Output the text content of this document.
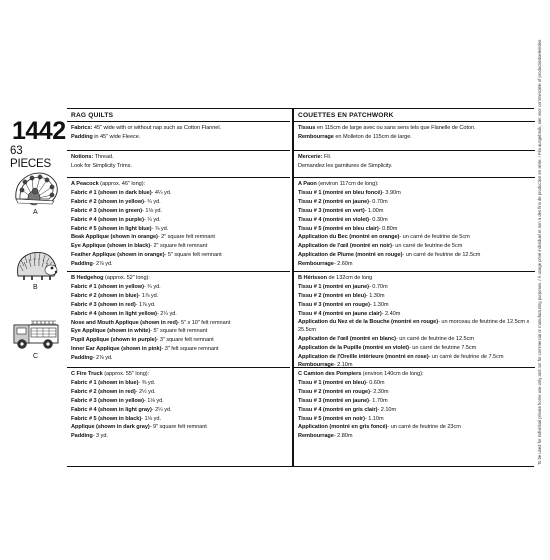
1442
63 PIECES
A
B
C
RAG QUILTS
Fabrics: 45" wide with or without nap such as Cotton Flannel.
Padding in 45" wide Fleece.
Notions: Thread.
Look for Simplicity Trims.
A Peacock (approx. 46" long):
Fabric # 1 (shown in dark blue)- 4¼ yd.
Fabric # 2 (shown in yellow)- ¾ yd.
Fabric # 3 (shown in green)- 1⅛ yd.
Fabric # 4 (shown in purple)- ¼ yd.
Fabric # 5 (shown in light blue)- ⅞ yd.
Beak Applique (shown in orange)- 2" square felt remnant
Eye Applique (shown in black)- 2" square felt remnant
Feather Applique (shown in orange)- 5" square felt remnant
Padding- 2⅞ yd.
B Hedgehog (approx. 52" long):
Fabric # 1 (shown in yellow)- ¾ yd.
Fabric # 2 (shown in blue)- 1⅞ yd.
Fabric # 3 (shown in red)- 1⅞ yd.
Fabric # 4 (shown in light yellow)- 2¼ yd.
Nose and Mouth Applique (shown in red)- 5" x 10" felt remnant
Eye Applique (shown in white)- 5" square felt remnant
Pupil Applique (shown in purple)- 3" square felt remnant
Inner Ear Applique (shown in pink)- 3" felt square remnant
Padding- 2⅞ yd.
C Fire Truck (approx. 55" long):
Fabric # 1 (shown in blue)- ⅜ yd.
Fabric # 2 (shown in red)- 2½ yd.
Fabric # 3 (shown in yellow)- 1⅛ yd.
Fabric # 4 (shown in light gray)- 2¼ yd.
Fabric # 5 (shown in black)- 1⅛ yd.
Applique (shown in dark gray)- 9" square felt remnant
Padding- 3 yd.
COUETTES EN PATCHWORK
Tissus en 115cm de large avec ou sans sens tels que Flanelle de Coton.
Rembourrage en Molleton de 115cm de large.
Mercerie: Fil.
Demandez les garnitures de Simplicity.
A Paon (environ 117cm de long):
Tissu # 1 (montré en bleu foncé)- 3.90m
Tissu # 2 (montré en jaune)- 0.70m
Tissu # 3 (montré en vert)- 1.00m
Tissu # 4 (montré en violet)- 0.30m
Tissu # 5 (montré en bleu clair)- 0.80m
Application du Bec (montré en orange)- un carré de feutrine de 5cm
Application de l'œil (montré en noir)- un carré de feutrine de 5cm
Application de Plume (montré en rouge)- un carré de feutrine de 12.5cm
Rembourrage- 2.60m
B Hérisson de 132cm de long
Tissu # 1 (montré en jaune)- 0.70m
Tissu # 2 (montré en bleu)- 1.30m
Tissu # 3 (montré en rouge)- 1.30m
Tissu # 4 (montré en jaune clair)- 2.40m
Application du Nez et de la Bouche (montré en rouge)- un morceau de feutrine de 12.5cm x 25.5cm
Application de l'œil (montré en blanc)- un carré de feutrine de 12.5cm
Application de la Pupille (montré en violet)- un carré de feutrine 7.5cm
Application de l'Oreille intérieure (montré en rose)- un carré de feutrine de 7.5cm
Rembourrage- 2.10m
C Camion des Pompiers (environ 140cm de long):
Tissu # 1 (montré en bleu)- 0.60m
Tissu # 2 (montré en rouge)- 2.30m
Tissu # 3 (montré en jaune)- 1.70m
Tissu # 4 (montré en gris clair)- 2.10m
Tissu # 5 (montré en noir)- 1.10m
Application (montré en gris foncé)- un carré de feutrine de 23cm
Rembourrage- 2.80m	To be used for individual private home use only and not for commercial or manufacturing purposes. / À usage privé individuel et non à des fins de production en série. / Fila ausgebruik, niet voor commerciële of productiedoeleinden.
